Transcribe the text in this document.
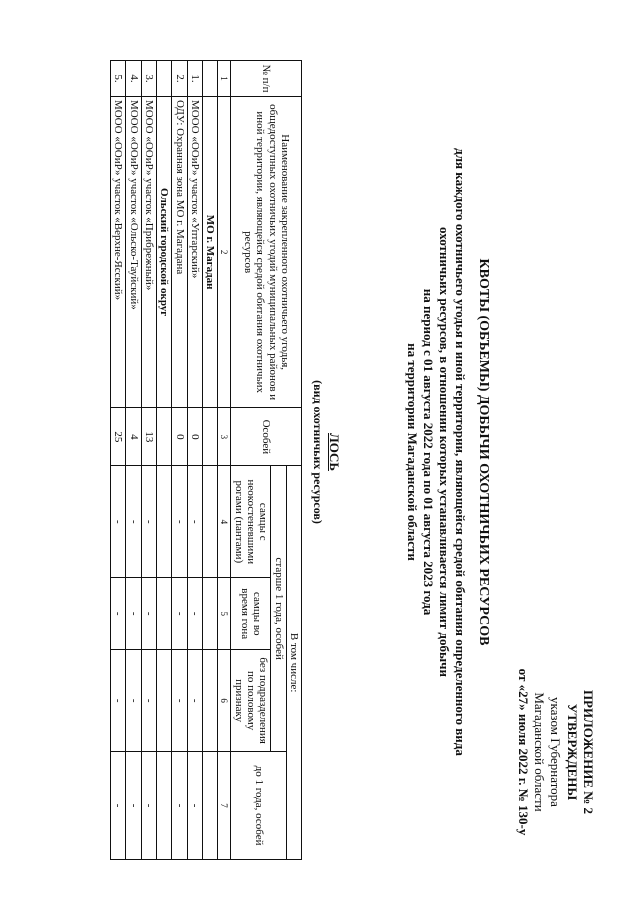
ПРИЛОЖЕНИЕ № 2
УТВЕРЖДЕНЫ
указом Губернатора
Магаданской области
от «27» июля 2022 г. № 130-у
КВОТЫ (ОБЪЕМЫ) ДОБЫЧИ ОХОТНИЧЬИХ РЕСУРСОВ
для каждого охотничьего угодья и иной территории, являющейся средой обитания определенного вида
охотничьих ресурсов, в отношении которых устанавливается лимит добычи
на период с 01 августа 2022 года по 01 августа 2023 года
на территории Магаданской области
ЛОСЬ
(вид охотничьих ресурсов)
№ п/п	Наименование закрепленного охотничьего угодья, общедоступных охотничьих угодий муниципальных районов и иной территории, являющейся средой обитания охотничьих ресурсов	Особей	В том числе:			
			старше 1 года, особей			до 1 года, особей
			самцы с неокостеневшими рогами (пантами)	самцы во время гона	без подразделения по половому признаку	
1	2	3	4	5	6	7
	МО г. Магадан					
1.	МООО «ООиР» участок «Уптарский»	0	-	-	-	-
2.	ОДУ: Охранная зона МО г. Магадана	0	-	-	-	-
	Ольский городской округ					
3.	МООО «ООиР» участок «Прибрежный»	13	-	-	-	-
4.	МООО «ООиР» участок «Ольско-Тауйский»	4	-	-	-	-
5.	МООО «ООиР» участок «Верхне-Ясский»	25	-	-	-	-
